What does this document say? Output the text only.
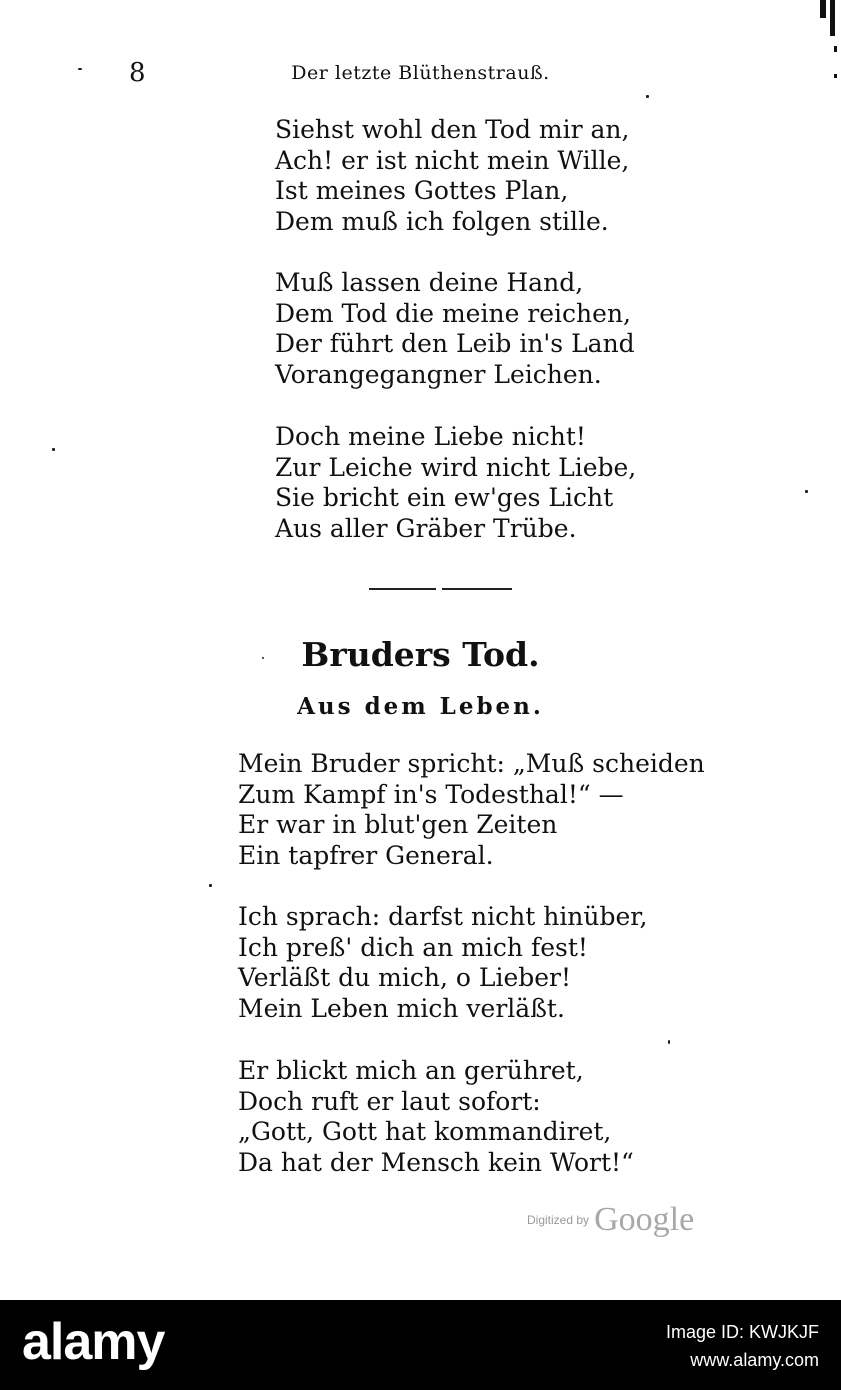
8	Der letzte Blüthenstrauß.
Siehst wohl den Tod mir an,
Ach! er ist nicht mein Wille,
Ist meines Gottes Plan,
Dem muß ich folgen stille.
Muß lassen deine Hand,
Dem Tod die meine reichen,
Der führt den Leib in's Land
Vorangegangner Leichen.
Doch meine Liebe nicht!
Zur Leiche wird nicht Liebe,
Sie bricht ein ew'ges Licht
Aus aller Gräber Trübe.
Bruders Tod.
Aus dem Leben.
Mein Bruder spricht: „Muß scheiden
Zum Kampf in's Todesthal!“ —
Er war in blut'gen Zeiten
Ein tapfrer General.
Ich sprach: darfst nicht hinüber,
Ich preß' dich an mich fest!
Verläßt du mich, o Lieber!
Mein Leben mich verläßt.
Er blickt mich an gerühret,
Doch ruft er laut sofort:
„Gott, Gott hat kommandiret,
Da hat der Mensch kein Wort!“
Digitized by Google
alamy	Image ID: KWJKJF
www.alamy.com
